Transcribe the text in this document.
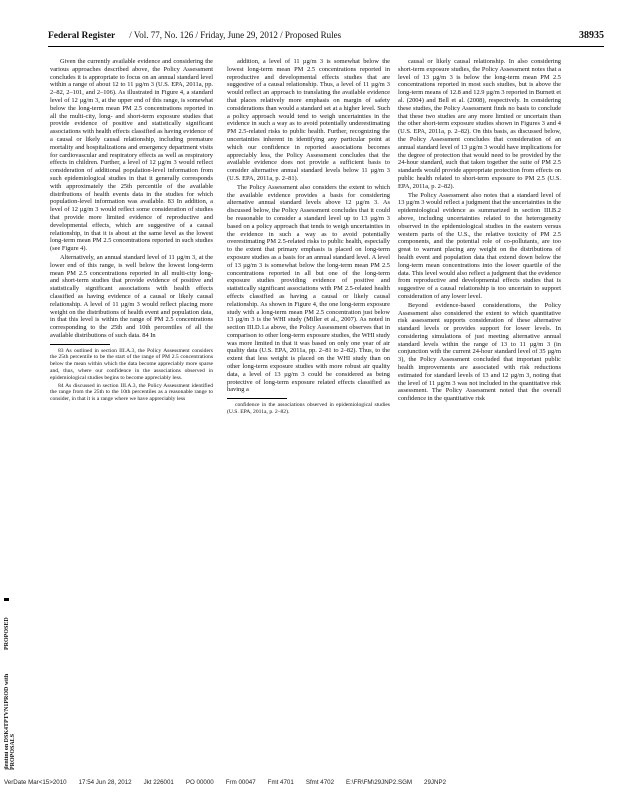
Federal Register / Vol. 77, No. 126 / Friday, June 29, 2012 / Proposed Rules	38935

Given the currently available evidence and considering the various approaches described above, the Policy Assessment concludes it is appropriate to focus on an annual standard level within a range of about 12 to 11 µg/m 3 (U.S. EPA, 2011a, pp. 2–82, 2–101, and 2–106). As illustrated in Figure 4, a standard level of 12 µg/m 3, at the upper end of this range, is somewhat below the long-term mean PM 2.5 concentrations reported in all the multi-city, long- and short-term exposure studies that provide evidence of positive and statistically significant associations with health effects classified as having evidence of a causal or likely causal relationship, including premature mortality and hospitalizations and emergency department visits for cardiovascular and respiratory effects as well as respiratory effects in children. Further, a level of 12 µg/m 3 would reflect consideration of additional population-level information from such epidemiological studies in that it generally corresponds with approximately the 25th percentile of the available distributions of health events data in the studies for which population-level information was available. 83 In addition, a level of 12 µg/m 3 would reflect some consideration of studies that provide more limited evidence of reproductive and developmental effects, which are suggestive of a causal relationship, in that it is about at the same level as the lowest long-term mean PM 2.5 concentrations reported in such studies (see Figure 4).

Alternatively, an annual standard level of 11 µg/m 3, at the lower end of this range, is well below the lowest long-term mean PM 2.5 concentrations reported in all multi-city long- and short-term studies that provide evidence of positive and statistically significant associations with health effects classified as having evidence of a causal or likely causal relationship. A level of 11 µg/m 3 would reflect placing more weight on the distributions of health event and population data, in that this level is within the range of PM 2.5 concentrations corresponding to the 25th and 10th percentiles of all the available distributions of such data. 84 In

83 As outlined in section III.A.3, the Policy Assessment considers the 25th percentile to be the start of the range of PM 2.5 concentrations below the mean within which the data become appreciably more sparse and, thus, where our confidence in the associations observed in epidemiological studies begins to become appreciably less.

84 As discussed in section III.A.3, the Policy Assessment identified the range from the 25th to the 10th percentiles as a reasonable range to consider, in that it is a range where we have appreciably less

addition, a level of 11 µg/m 3 is somewhat below the lowest long-term mean PM 2.5 concentrations reported in reproductive and developmental effects studies that are suggestive of a causal relationship. Thus, a level of 11 µg/m 3 would reflect an approach to translating the available evidence that places relatively more emphasis on margin of safety considerations than would a standard set at a higher level. Such a policy approach would tend to weigh uncertainties in the evidence in such a way as to avoid potentially underestimating PM 2.5-related risks to public health. Further, recognizing the uncertainties inherent in identifying any particular point at which our confidence in reported associations becomes appreciably less, the Policy Assessment concludes that the available evidence does not provide a sufficient basis to consider alternative annual standard levels below 11 µg/m 3 (U.S. EPA, 2011a, p. 2–81).

The Policy Assessment also considers the extent to which the available evidence provides a basis for considering alternative annual standard levels above 12 µg/m 3. As discussed below, the Policy Assessment concludes that it could be reasonable to consider a standard level up to 13 µg/m 3 based on a policy approach that tends to weigh uncertainties in the evidence in such a way as to avoid potentially overestimating PM 2.5-related risks to public health, especially to the extent that primary emphasis is placed on long-term exposure studies as a basis for an annual standard level. A level of 13 µg/m 3 is somewhat below the long-term mean PM 2.5 concentrations reported in all but one of the long-term exposure studies providing evidence of positive and statistically significant associations with PM 2.5-related health effects classified as having a causal or likely causal relationship. As shown in Figure 4, the one long-term exposure study with a long-term mean PM 2.5 concentration just below 13 µg/m 3 is the WHI study (Miller et al., 2007). As noted in section III.D.1.a above, the Policy Assessment observes that in comparison to other long-term exposure studies, the WHI study was more limited in that it was based on only one year of air quality data (U.S. EPA, 2011a, pp. 2–81 to 2–82). Thus, to the extent that less weight is placed on the WHI study than on other long-term exposure studies with more robust air quality data, a level of 13 µg/m 3 could be considered as being protective of long-term exposure related effects classified as having a

confidence in the associations observed in epidemiological studies (U.S. EPA, 2011a, p. 2–82).

causal or likely causal relationship. In also considering short-term exposure studies, the Policy Assessment notes that a level of 13 µg/m 3 is below the long-term mean PM 2.5 concentrations reported in most such studies, but is above the long-term means of 12.8 and 12.9 µg/m 3 reported in Burnett et al. (2004) and Bell et al. (2008), respectively. In considering these studies, the Policy Assessment finds no basis to conclude that these two studies are any more limited or uncertain than the other short-term exposure studies shown in Figures 3 and 4 (U.S. EPA, 2011a, p. 2–82). On this basis, as discussed below, the Policy Assessment concludes that consideration of an annual standard level of 13 µg/m 3 would have implications for the degree of protection that would need to be provided by the 24-hour standard, such that taken together the suite of PM 2.5 standards would provide appropriate protection from effects on public health related to short-term exposure to PM 2.5 (U.S. EPA, 2011a, p. 2–82).

The Policy Assessment also notes that a standard level of 13 µg/m 3 would reflect a judgment that the uncertainties in the epidemiological evidence as summarized in section III.B.2 above, including uncertainties related to the heterogeneity observed in the epidemiological studies in the eastern versus western parts of the U.S., the relative toxicity of PM 2.5 components, and the potential role of co-pollutants, are too great to warrant placing any weight on the distributions of health event and population data that extend down below the long-term mean concentrations into the lower quartile of the data. This level would also reflect a judgment that the evidence from reproductive and developmental effects studies that is suggestive of a causal relationship is too uncertain to support consideration of any lower level.

Beyond evidence-based considerations, the Policy Assessment also considered the extent to which quantitative risk assessment supports consideration of these alternative standard levels or provides support for lower levels. In considering simulations of just meeting alternative annual standard levels within the range of 13 to 11 µg/m 3 (in conjunction with the current 24-hour standard level of 35 µg/m 3), the Policy Assessment concluded that important public health improvements are associated with risk reductions estimated for standard levels of 13 and 12 µg/m 3, noting that the level of 11 µg/m 3 was not included in the quantitative risk assessment. The Policy Assessment noted that the overall confidence in the quantitative risk

PROPOSED
jlentini on DSK4TPTVN1PROD with PROPOSALS
VerDate Mar<15>2010 17:54 Jun 28, 2012 Jkt 226001 PO 00000 Frm 00047 Fmt 4701 Sfmt 4702 E:\FR\FM\29JNP2.SGM 29JNP2
